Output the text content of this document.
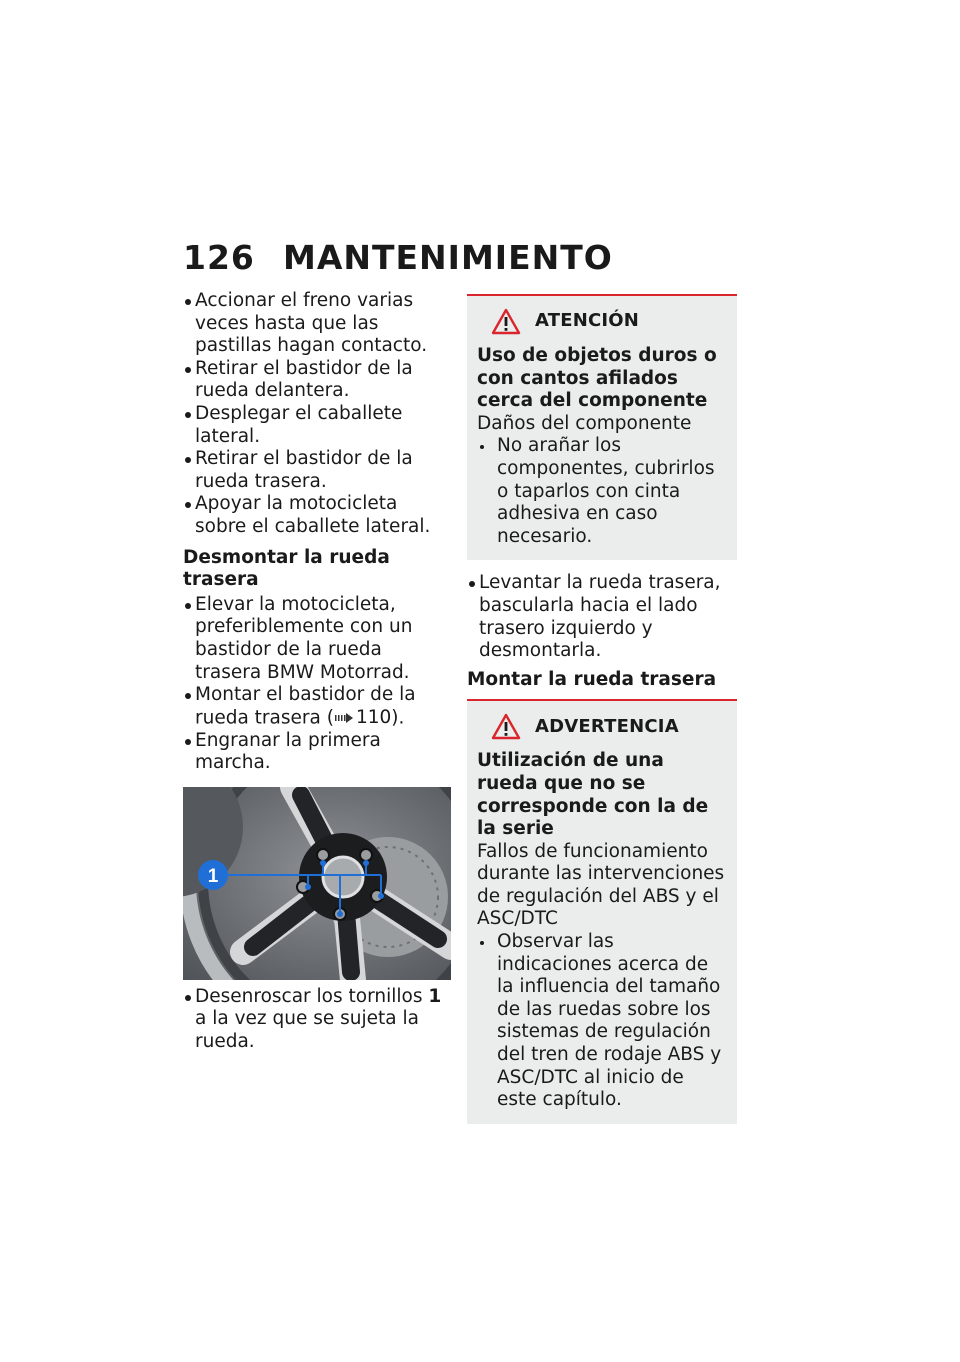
126 MANTENIMIENTO
Accionar el freno varias veces hasta que las pastillas hagan contacto.
Retirar el bastidor de la rueda delantera.
Desplegar el caballete lateral.
Retirar el bastidor de la rueda trasera.
Apoyar la motocicleta sobre el caballete lateral.
Desmontar la rueda trasera
Elevar la motocicleta, preferiblemente con un bastidor de la rueda trasera BMW Motorrad.
Montar el bastidor de la rueda trasera ( 110 ).
Engranar la primera marcha.
1
Desenroscar los tornillos 1 a la vez que se sujeta la rueda.
ATENCIÓN
Uso de objetos duros o con cantos afilados cerca del componente
Daños del componente
No arañar los componentes, cubrirlos o taparlos con cinta adhesiva en caso necesario.
Levantar la rueda trasera, bascularla hacia el lado trasero izquierdo y desmontarla.
Montar la rueda trasera
ADVERTENCIA
Utilización de una rueda que no se corresponde con la de la serie
Fallos de funcionamiento durante las intervenciones de regulación del ABS y el ASC/DTC
Observar las indicaciones acerca de la influencia del tamaño de las ruedas sobre los sistemas de regulación del tren de rodaje ABS y ASC/DTC al inicio de este capítulo.
